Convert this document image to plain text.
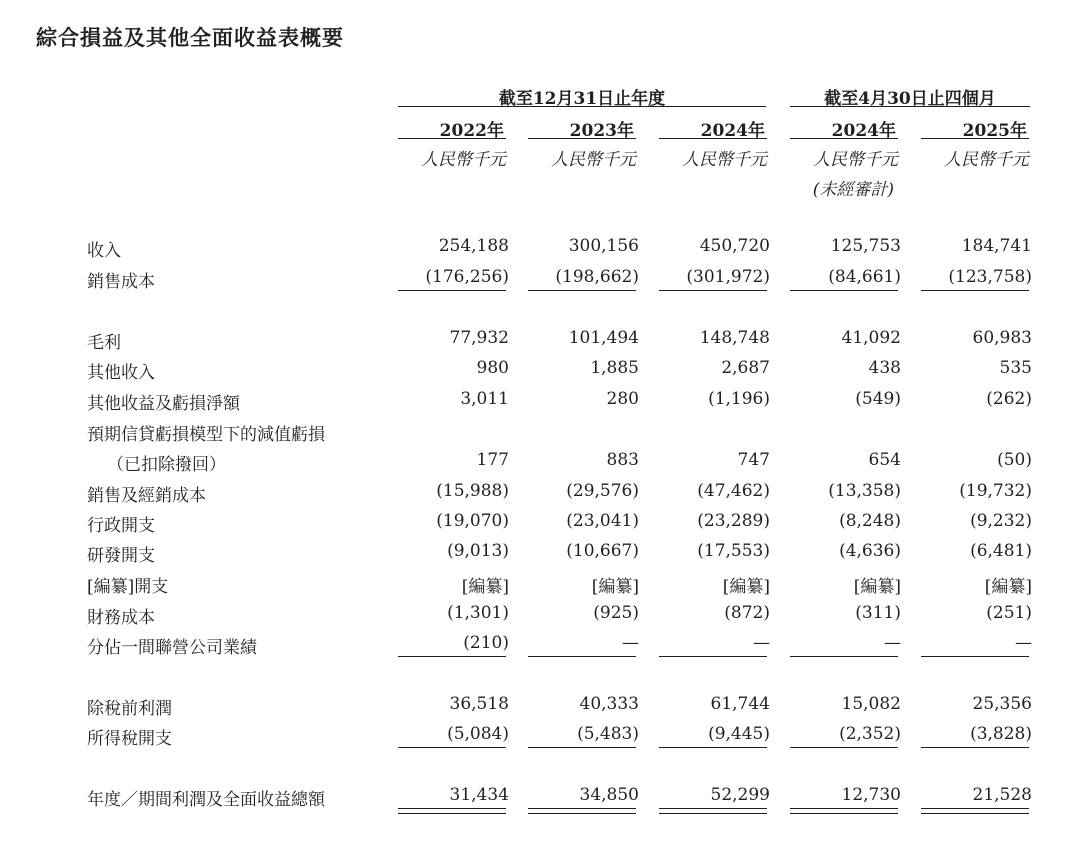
綜合損益及其他全面收益表概要
截至12月31日止年度	截至4月30日止四個月
2022年	2023年	2024年	2024年	2025年
人民幣千元	人民幣千元	人民幣千元	人民幣千元	人民幣千元
(未經審計)
收入	254,188	300,156	450,720	125,753	184,741
銷售成本	(176,256)	(198,662)	(301,972)	(84,661)	(123,758)
毛利	77,932	101,494	148,748	41,092	60,983
其他收入	980	1,885	2,687	438	535
其他收益及虧損淨額	3,011	280	(1,196)	(549)	(262)
預期信貸虧損模型下的減值虧損
（已扣除撥回）	177	883	747	654	(50)
銷售及經銷成本	(15,988)	(29,576)	(47,462)	(13,358)	(19,732)
行政開支	(19,070)	(23,041)	(23,289)	(8,248)	(9,232)
研發開支	(9,013)	(10,667)	(17,553)	(4,636)	(6,481)
[編纂]開支	[編纂]	[編纂]	[編纂]	[編纂]	[編纂]
財務成本	(1,301)	(925)	(872)	(311)	(251)
分佔一間聯營公司業績	(210)	—	—	—	—
除稅前利潤	36,518	40,333	61,744	15,082	25,356
所得稅開支	(5,084)	(5,483)	(9,445)	(2,352)	(3,828)
年度／期間利潤及全面收益總額	31,434	34,850	52,299	12,730	21,528
